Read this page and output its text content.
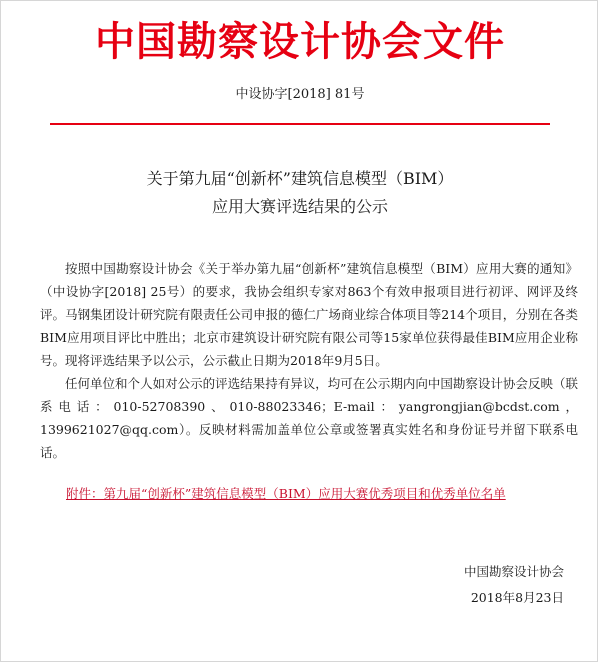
中国勘察设计协会文件
中设协字[2018] 81号
关于第九届“创新杯”建筑信息模型（BIM）
应用大赛评选结果的公示

按照中国勘察设计协会《关于举办第九届“创新杯”建筑信息模型（BIM）应用大赛的通知》（中设协字[2018] 25号）的要求，我协会组织专家对863个有效申报项目进行初评、网评及终评。马钢集团设计研究院有限责任公司申报的德仁广场商业综合体项目等214个项目，分别在各类BIM应用项目评比中胜出；北京市建筑设计研究院有限公司等15家单位获得最佳BIM应用企业称号。现将评选结果予以公示，公示截止日期为2018年9月5日。

任何单位和个人如对公示的评选结果持有异议，均可在公示期内向中国勘察设计协会反映（联系电话：010-52708390、010-88023346；E-mail：yangrongjian@bcdst.com，1399621027@qq.com）。反映材料需加盖单位公章或签署真实姓名和身份证号并留下联系电话。

附件：第九届“创新杯”建筑信息模型（BIM）应用大赛优秀项目和优秀单位名单
中国勘察设计协会
2018年8月23日
